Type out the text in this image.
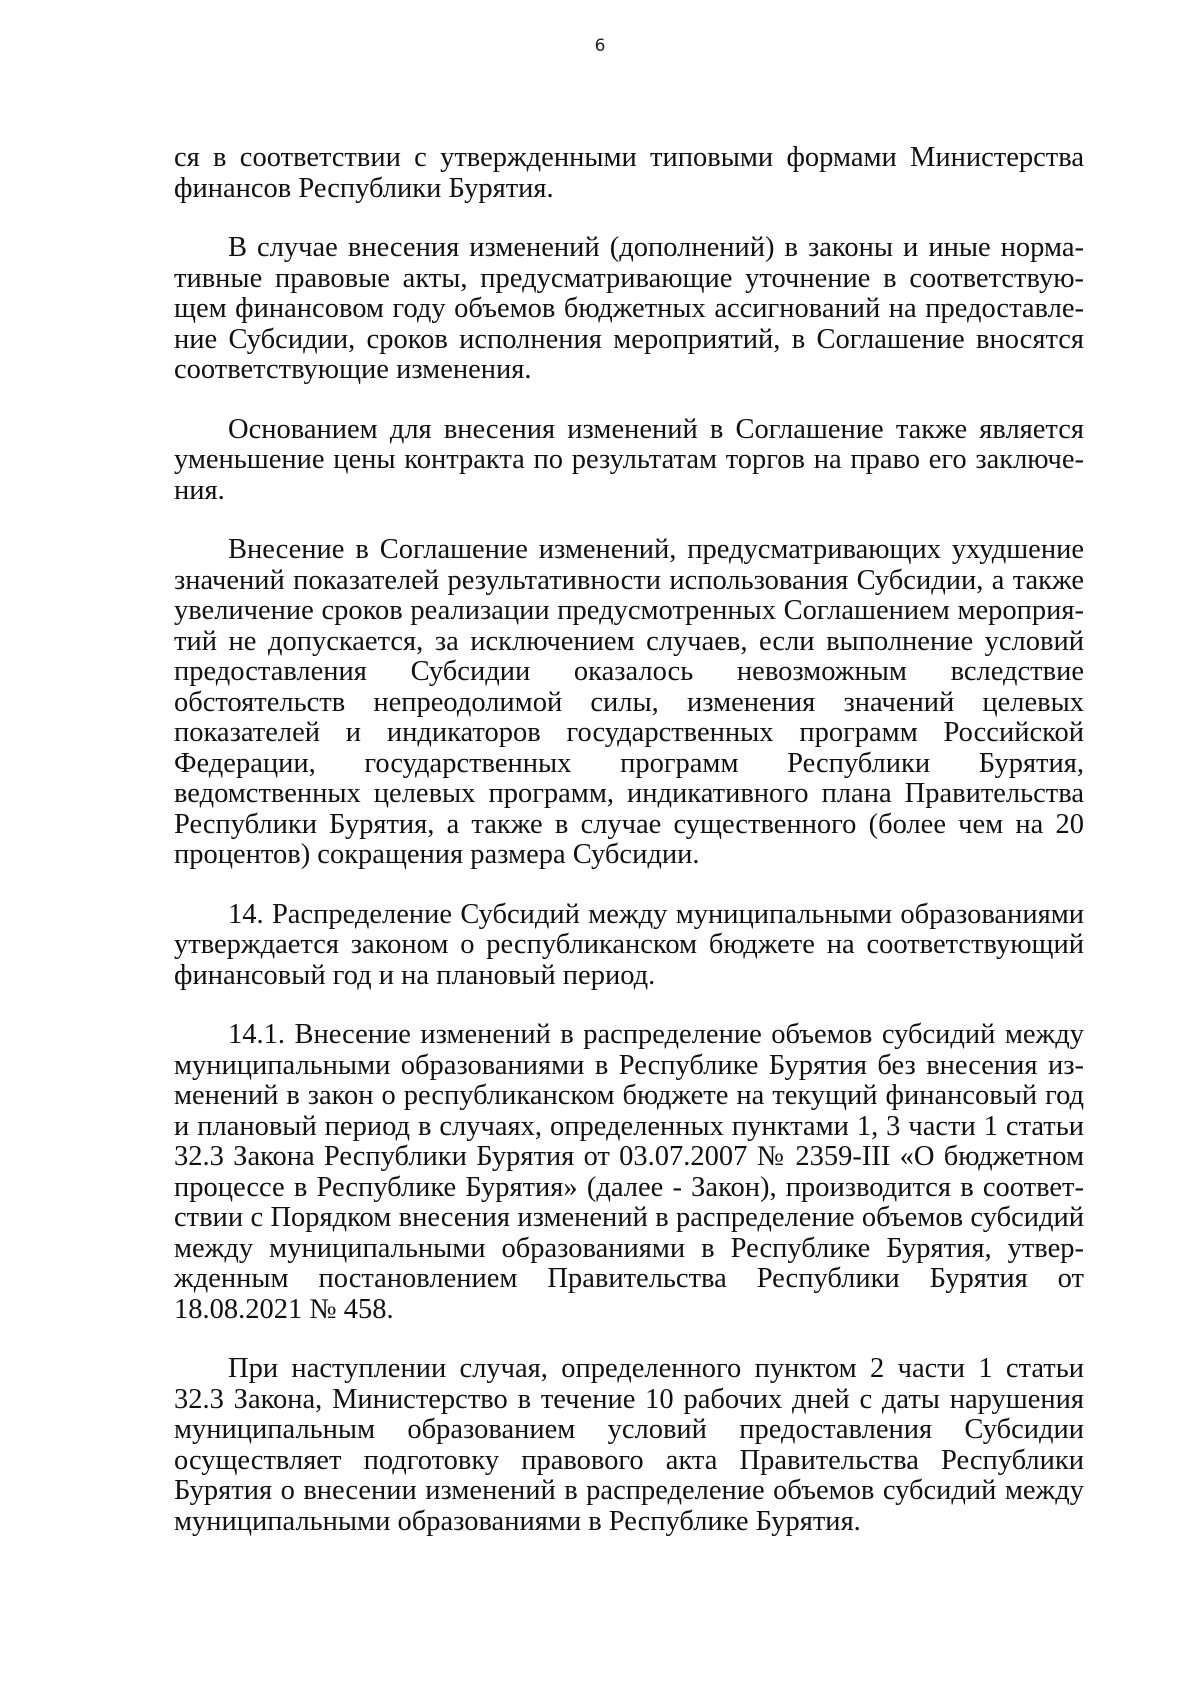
6

ся в соответствии с утвержденными типовыми формами Министерства финансов Республики Бурятия.

В случае внесения изменений (дополнений) в законы и иные нормативные правовые акты, предусматривающие уточнение в соответствующем финансовом году объемов бюджетных ассигнований на предоставление Субсидии, сроков исполнения мероприятий, в Соглашение вносятся соответствующие изменения.

Основанием для внесения изменений в Соглашение также является уменьшение цены контракта по результатам торгов на право его заключения.

Внесение в Соглашение изменений, предусматривающих ухудшение значений показателей результативности использования Субсидии, а также увеличение сроков реализации предусмотренных Соглашением мероприятий не допускается, за исключением случаев, если выполнение условий предоставления Субсидии оказалось невозможным вследствие обстоятельств непреодолимой силы, изменения значений целевых показателей и индикаторов государственных программ Российской Федерации, государственных программ Республики Бурятия, ведомственных целевых программ, индикативного плана Правительства Республики Бурятия, а также в случае существенного (более чем на 20 процентов) сокращения размера Субсидии.

14. Распределение Субсидий между муниципальными образованиями утверждается законом о республиканском бюджете на соответствующий финансовый год и на плановый период.

14.1. Внесение изменений в распределение объемов субсидий между муниципальными образованиями в Республике Бурятия без внесения изменений в закон о республиканском бюджете на текущий финансовый год и плановый период в случаях, определенных пунктами 1, 3 части 1 статьи 32.3 Закона Республики Бурятия от 03.07.2007 № 2359-III «О бюджетном процессе в Республике Бурятия» (далее - Закон), производится в соответствии с Порядком внесения изменений в распределение объемов субсидий между муниципальными образованиями в Республике Бурятия, утвержденным постановлением Правительства Республики Бурятия от 18.08.2021 № 458.

При наступлении случая, определенного пунктом 2 части 1 статьи 32.3 Закона, Министерство в течение 10 рабочих дней с даты нарушения муниципальным образованием условий предоставления Субсидии осуществляет подготовку правового акта Правительства Республики Бурятия о внесении изменений в распределение объемов субсидий между муниципальными образованиями в Республике Бурятия.
